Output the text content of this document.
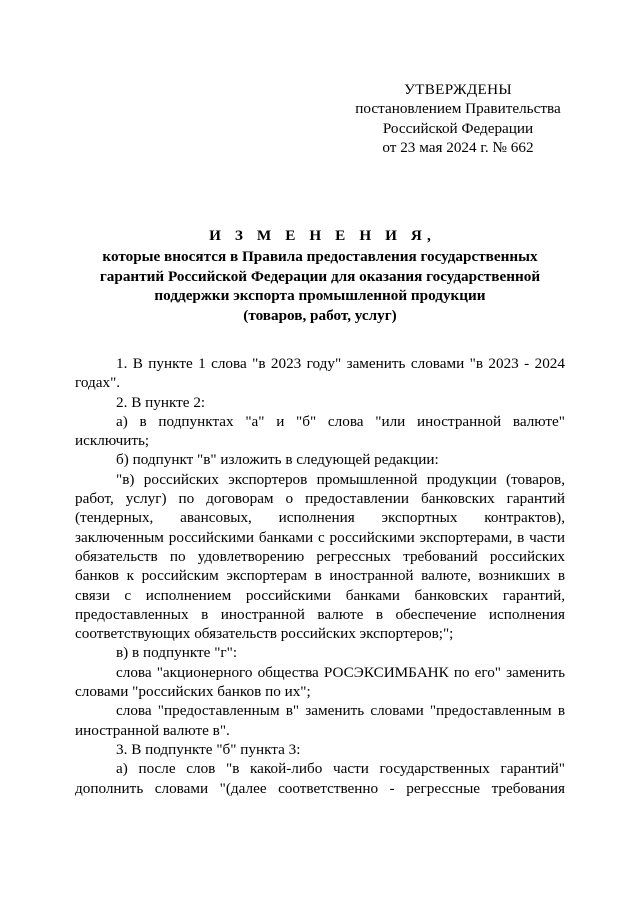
УТВЕРЖДЕНЫ
постановлением Правительства
Российской Федерации
от 23 мая 2024 г. № 662
И З М Е Н Е Н И Я,
которые вносятся в Правила предоставления государственных
гарантий Российской Федерации для оказания государственной
поддержки экспорта промышленной продукции
(товаров, работ, услуг)

1. В пункте 1 слова "в 2023 году" заменить словами "в 2023 - 2024 годах".

2. В пункте 2:

а) в подпунктах "а" и "б" слова "или иностранной валюте" исключить;

б) подпункт "в" изложить в следующей редакции:

"в) российских экспортеров промышленной продукции (товаров, работ, услуг) по договорам о предоставлении банковских гарантий (тендерных, авансовых, исполнения экспортных контрактов), заключенным российскими банками с российскими экспортерами, в части обязательств по удовлетворению регрессных требований российских банков к российским экспортерам в иностранной валюте, возникших в связи с исполнением российскими банками банковских гарантий, предоставленных в иностранной валюте в обеспечение исполнения соответствующих обязательств российских экспортеров;";

в) в подпункте "г":

слова "акционерного общества РОСЭКСИМБАНК по его" заменить словами "российских банков по их";

слова "предоставленным в" заменить словами "предоставленным в иностранной валюте в".

3. В подпункте "б" пункта 3:

а) после слов "в какой-либо части государственных гарантий" дополнить словами "(далее соответственно - регрессные требования
